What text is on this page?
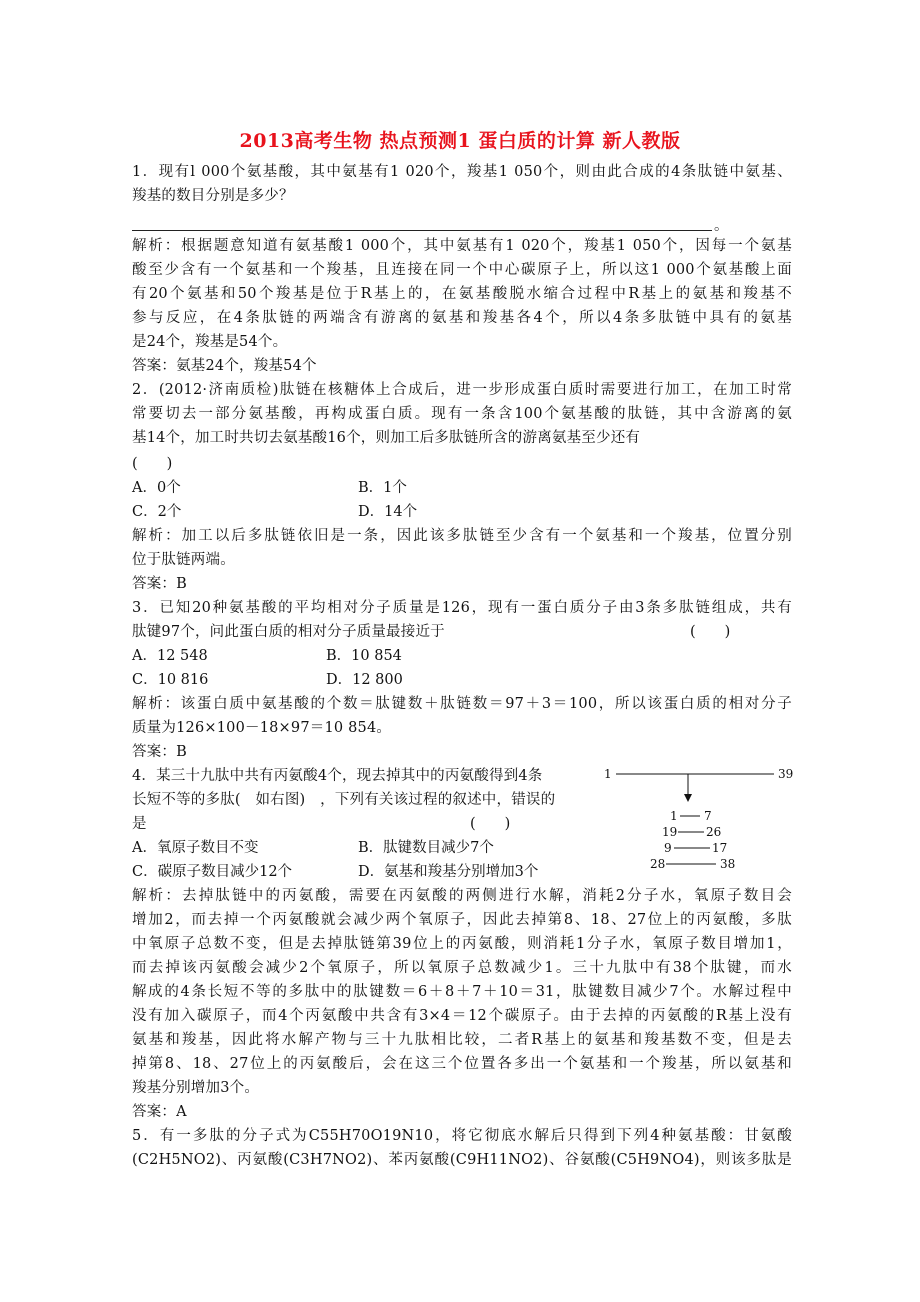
2013高考生物 热点预测1 蛋白质的计算 新人教版
1．现有l 000个氨基酸，其中氨基有1 020个，羧基1 050个，则由此合成的4条肽链中氨基、
羧基的数目分别是多少？
。
解析：根据题意知道有氨基酸1 000个，其中氨基有1 020个，羧基1 050个，因每一个氨基
酸至少含有一个氨基和一个羧基，且连接在同一个中心碳原子上，所以这1 000个氨基酸上面
有20个氨基和50个羧基是位于R基上的，在氨基酸脱水缩合过程中R基上的氨基和羧基不
参与反应，在4条肽链的两端含有游离的氨基和羧基各4个，所以4条多肽链中具有的氨基
是24个，羧基是54个。
答案：氨基24个，羧基54个
2．(2012·济南质检)肽链在核糖体上合成后，进一步形成蛋白质时需要进行加工，在加工时常
常要切去一部分氨基酸，再构成蛋白质。现有一条含100个氨基酸的肽链，其中含游离的氨
基14个，加工时共切去氨基酸16个，则加工后多肽链所含的游离氨基至少还有
(　　)
A．0个	B．1个
C．2个	D．14个
解析：加工以后多肽链依旧是一条，因此该多肽链至少含有一个氨基和一个羧基，位置分别
位于肽链两端。
答案：B
3．已知20种氨基酸的平均相对分子质量是126，现有一蛋白质分子由3条多肽链组成，共有
肽键97个，问此蛋白质的相对分子质量最接近于	(　　)
A．12 548	B．10 854
C．10 816	D．12 800
解析：该蛋白质中氨基酸的个数＝肽键数＋肽链数＝97＋3＝100，所以该蛋白质的相对分子
质量为126×100－18×97＝10 854。
答案：B
4．某三十九肽中共有丙氨酸4个，现去掉其中的丙氨酸得到4条
长短不等的多肽(　如右图)　，下列有关该过程的叙述中，错误的
是	(　　)
A．氧原子数目不变	B．肽键数目减少7个
C．碳原子数目减少12个	D．氨基和羧基分别增加3个
1	39
1 7
19 26
9	17
28	38
解析：去掉肽链中的丙氨酸，需要在丙氨酸的两侧进行水解，消耗2分子水，氧原子数目会
增加2，而去掉一个丙氨酸就会减少两个氧原子，因此去掉第8、18、27位上的丙氨酸，多肽
中氧原子总数不变，但是去掉肽链第39位上的丙氨酸，则消耗1分子水，氧原子数目增加1，
而去掉该丙氨酸会减少2个氧原子，所以氧原子总数减少1。三十九肽中有38个肽键，而水
解成的4条长短不等的多肽中的肽键数＝6＋8＋7＋10＝31，肽键数目减少7个。水解过程中
没有加入碳原子，而4个丙氨酸中共含有3×4＝12个碳原子。由于去掉的丙氨酸的R基上没有
氨基和羧基，因此将水解产物与三十九肽相比较，二者R基上的氨基和羧基数不变，但是去
掉第8、18、27位上的丙氨酸后，会在这三个位置各多出一个氨基和一个羧基，所以氨基和
羧基分别增加3个。
答案：A
5．有一多肽的分子式为C55H70O19N10，将它彻底水解后只得到下列4种氨基酸：甘氨酸
(C2H5NO2)、丙氨酸(C3H7NO2)、苯丙氨酸(C9H11NO2)、谷氨酸(C5H9NO4)，则该多肽是
